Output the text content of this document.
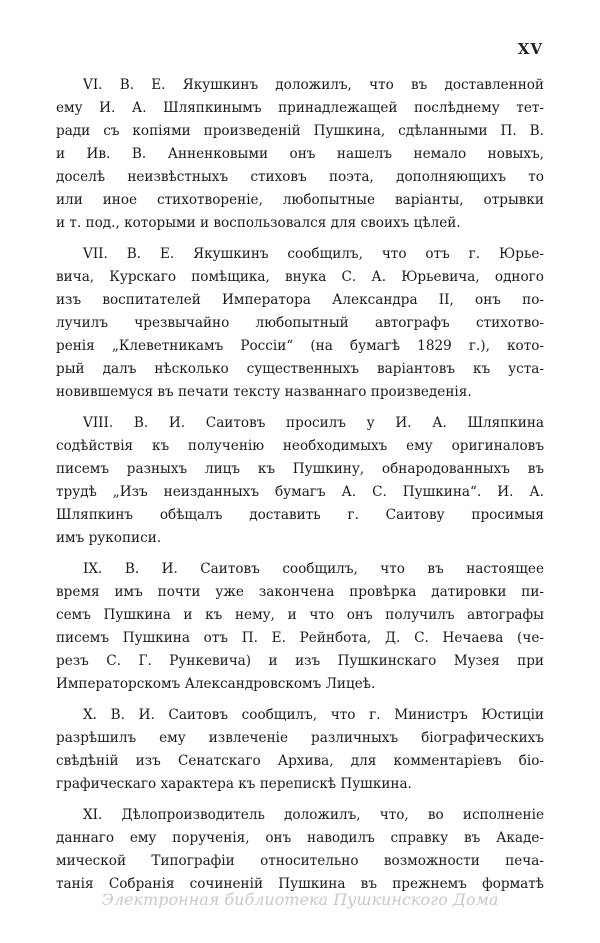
XV
VI. В. Е. Якушкинъ доложилъ, что въ доставленной
ему И. А. Шляпкинымъ принадлежащей послѣднему тет-
ради съ копіями произведеній Пушкина, сдѣланными П. В.
и Ив. В. Анненковыми онъ нашелъ немало новыхъ,
доселѣ неизвѣстныхъ стиховъ поэта, дополняющихъ то
или иное стихотвореніе, любопытные варіанты, отрывки
и т. под., которыми и воспользовался для своихъ цѣлей.
VII. В. Е. Якушкинъ сообщилъ, что отъ г. Юрье-
вича, Курскаго помѣщика, внука С. А. Юрьевича, одного
изъ воспитателей Императора Александра II, онъ по-
лучилъ чрезвычайно любопытный автографъ стихотво-
ренія „Клеветникамъ Россіи“ (на бумагѣ 1829 г.), кото-
рый далъ нѣсколько существенныхъ варіантовъ къ уста-
новившемуся въ печати тексту названнаго произведенія.
VIII. В. И. Саитовъ просилъ у И. А. Шляпкина
содѣйствія къ полученію необходимыхъ ему оригиналовъ
писемъ разныхъ лицъ къ Пушкину, обнародованныхъ въ
трудѣ „Изъ неизданныхъ бумагъ А. С. Пушкина“. И. А.
Шляпкинъ обѣщалъ доставить г. Саитову просимыя
имъ рукописи.
IX. В. И. Саитовъ сообщилъ, что въ настоящее
время имъ почти уже закончена провѣрка датировки пи-
семъ Пушкина и къ нему, и что онъ получилъ автографы
писемъ Пушкина отъ П. Е. Рейнбота, Д. С. Нечаева (че-
резъ С. Г. Рункевича) и изъ Пушкинскаго Музея при
Императорскомъ Александровскомъ Лицеѣ.
X. В. И. Саитовъ сообщилъ, что г. Министръ Юстиціи
разрѣшилъ ему извлеченіе различныхъ біографическихъ
свѣдѣній изъ Сенатскаго Архива, для комментаріевъ біо-
графическаго характера къ перепискѣ Пушкина.
XI. Дѣлопроизводитель доложилъ, что, во исполненіе
даннаго ему порученія, онъ наводилъ справку въ Акаде-
мической Типографіи относительно возможности печа-
танія Собранія сочиненій Пушкина въ прежнемъ форматѣ
Электронная библиотека Пушкинского Дома
